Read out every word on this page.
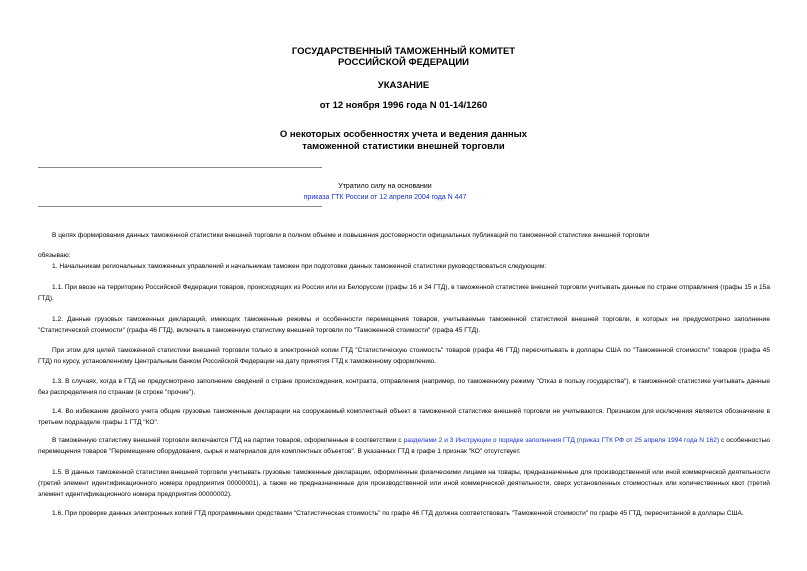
ГОСУДАРСТВЕННЫЙ ТАМОЖЕННЫЙ КОМИТЕТ
РОССИЙСКОЙ ФЕДЕРАЦИИ
УКАЗАНИЕ
от 12 ноября 1996 года N 01-14/1260
О некоторых особенностях учета и ведения данных
таможенной статистики внешней торговли
Утратило силу на основании
приказа ГТК России от 12 апреля 2004 года N 447
В целях формирования данных таможенной статистики внешней торговли в полном объеме и повышения достоверности официальных публикаций по таможенной статистике внешней торговли
обязываю:
1. Начальникам региональных таможенных управлений и начальникам таможен при подготовке данных таможенной статистики руководствоваться следующим:
1.1. При ввозе на территорию Российской Федерации товаров, происходящих из России или из Белоруссии (графы 16 и 34 ГТД), в таможенной статистике внешней торговли учитывать данные по стране отправления (графы 15 и 15а ГТД).
1.2. Данные грузовых таможенных деклараций, имеющих таможенные режимы и особенности перемещения товаров, учитываемые таможенной статистикой внешней торговли, в которых не предусмотрено заполнение "Статистической стоимости" (графа 46 ГТД), включать в таможенную статистику внешней торговли по "Таможенной стоимости" (графа 45 ГТД).
При этом для целей таможенной статистики внешней торговли только в электронной копии ГТД "Статистическую стоимость" товаров (графа 46 ГТД) пересчитывать в доллары США по "Таможенной стоимости" товаров (графа 45 ГТД) по курсу, установленному Центральным банком Российской Федерации на дату принятия ГТД к таможенному оформлению.
1.3. В случаях, когда в ГТД не предусмотрено заполнение сведений о стране происхождения, контракта, отправления (например, по таможенному режиму "Отказ в пользу государства"), в таможенной статистике учитывать данные без распределения по странам (в строке "прочие").
1.4. Во избежание двойного учета общие грузовые таможенные декларации на сооружаемый комплектный объект в таможенной статистике внешней торговли не учитываются. Признаком для исключения является обозначение в третьем подразделе графы 1 ГТД "КО".
В таможенную статистику внешней торговли включаются ГТД на партии товаров, оформленные в соответствии с разделами 2 и 3 Инструкции о порядке заполнения ГТД (приказ ГТК РФ от 25 апреля 1994 года N 162) с особенностью перемещения товаров "Перемещение оборудования, сырья и материалов для комплектных объектов". В указанных ГТД в графе 1 признак "КО" отсутствует.
1.5. В данных таможенной статистики внешней торговли учитывать грузовые таможенные декларации, оформленные физическими лицами на товары, предназначенные для производственной или иной коммерческой деятельности (третий элемент идентификационного номера предприятия 00000001), а также не предназначенные для производственной или иной коммерческой деятельности, сверх установленных стоимостных или количественных квот (третий элемент идентификационного номера предприятия 00000002).
1.6. При проверке данных электронных копий ГТД программными средствами "Статистическая стоимость" по графе 46 ГТД должна соответствовать "Таможенной стоимости" по графе 45 ГТД, пересчитанной в доллары США.
